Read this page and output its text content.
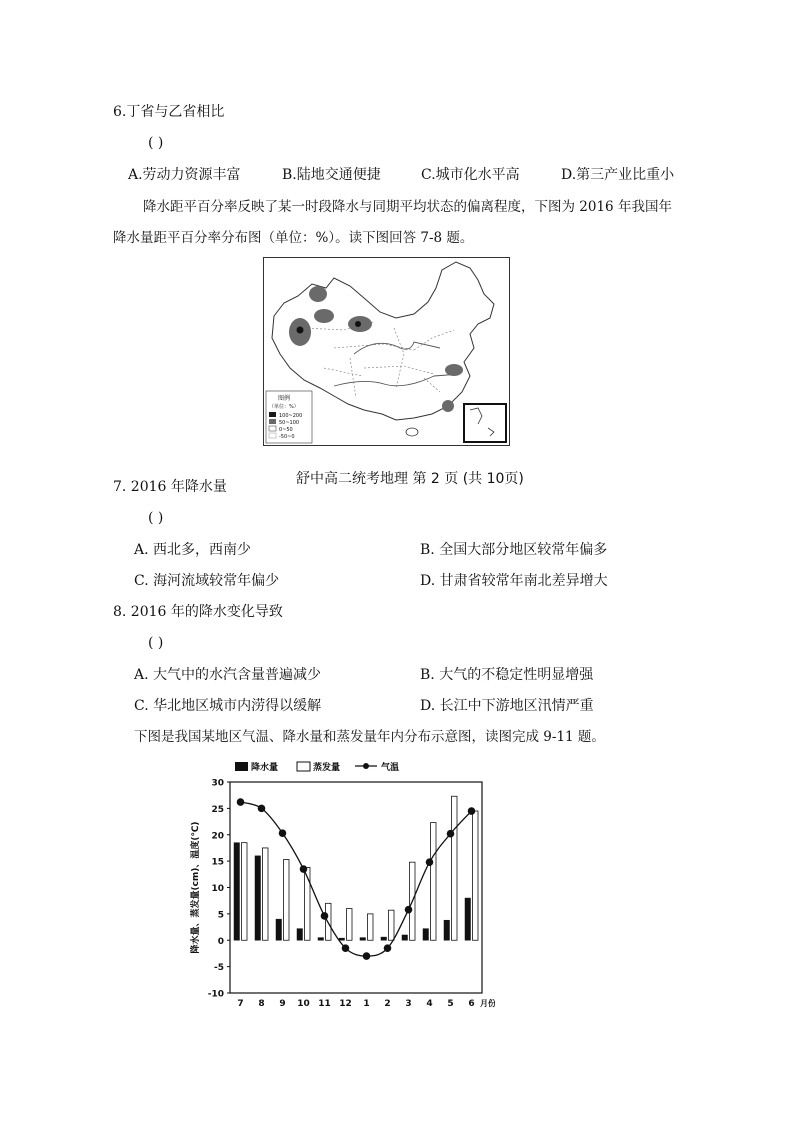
6.丁省与乙省相比
( )
A.劳动力资源丰富	B.陆地交通便捷	C.城市化水平高	D.第三产业比重小
降水距平百分率反映了某一时段降水与同期平均状态的偏离程度，下图为 2016 年我国年
降水量距平百分率分布图（单位：%）。读下图回答 7-8 题。
图例
（单位：%）
100~200
50~100
0~50
-50~0
舒中高二统考地理 第 2 页 (共 10页)
7. 2016 年降水量
( )
A. 西北多，西南少	B. 全国大部分地区较常年偏多
C. 海河流域较常年偏少	D. 甘肃省较常年南北差异增大
8. 2016 年的降水变化导致
( )
A. 大气中的水汽含量普遍减少	B. 大气的不稳定性明显增强
C. 华北地区城市内涝得以缓解	D. 长江中下游地区汛情严重
下图是我国某地区气温、降水量和蒸发量年内分布示意图，读图完成 9-11 题。
30
25
20
15
10
5
0
-5
-10
降水量、蒸发量(cm)、温度(℃)
7 8 9 10 11 12 1 2 3 4 5 6 月份
降水量	蒸发量	气温
